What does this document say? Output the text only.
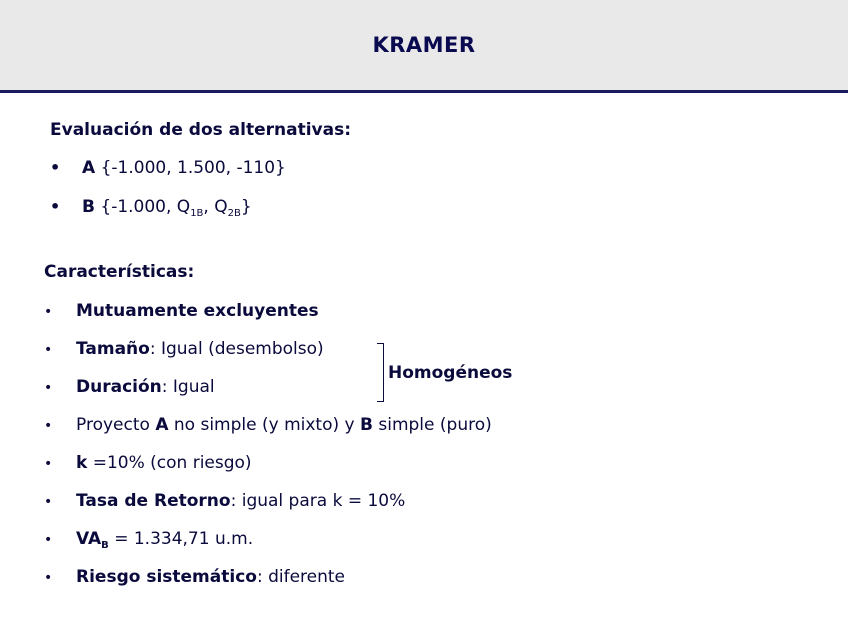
KRAMER
Evaluación de dos alternativas:
• A {-1.000, 1.500, -110}
• B {-1.000, $Q_{1B}$, $Q_{2B}$}
Características:
• Mutuamente excluyentes
• Tamaño: Igual (desembolso)
• Duración: Igual
Homogéneos
• Proyecto A no simple (y mixto) y B simple (puro)
• k =10% (con riesgo)
• Tasa de Retorno: igual para k = 10%
• $VA_B = 1.334,71$ u.m.
• Riesgo sistemático: diferente
